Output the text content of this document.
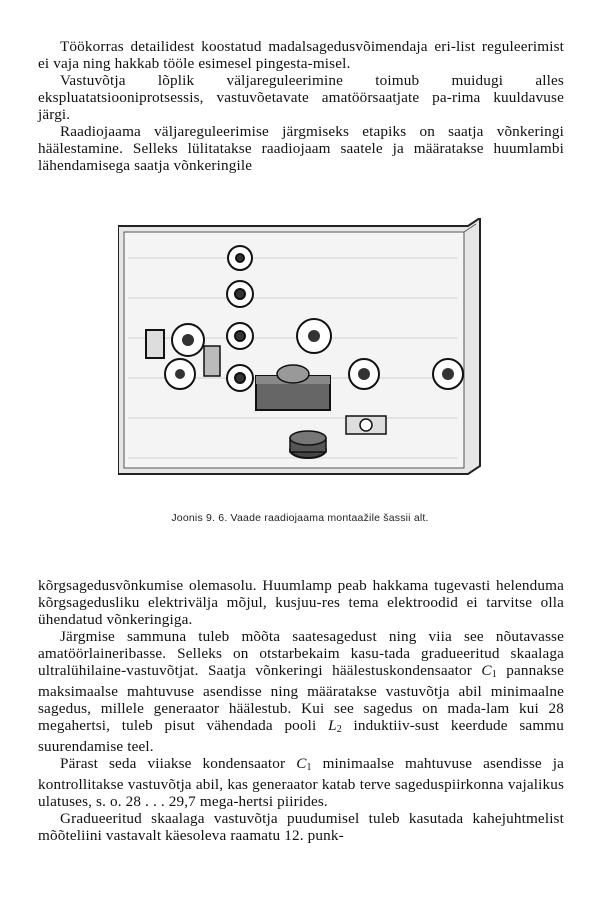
Töökorras detailidest koostatud madalsagedusvõimendaja eri-list reguleerimist ei vaja ning hakkab tööle esimesel pingesta-misel.

Vastuvõtja lõplik väljareguleerimine toimub muidugi alles ekspluatatsiooniprotsessis, vastuvõetavate amatöörsaatjate pa-rima kuuldavuse järgi.

Raadiojaama väljareguleerimise järgmiseks etapiks on saatja võnkeringi häälestamine. Selleks lülitatakse raadiojaam saatele ja määratakse huumlambi lähendamisega saatja võnkeringile

Joonis 9. 6. Vaade raadiojaama montaažile šassii alt.

kõrgsagedusvõnkumise olemasolu. Huumlamp peab hakkama tugevasti helenduma kõrgsagedusliku elektrivälja mõjul, kusjuu-res tema elektroodid ei tarvitse olla ühendatud võnkeringiga.

Järgmise sammuna tuleb mõõta saatesagedust ning viia see nõutavasse amatöörlaineribasse. Selleks on otstarbekaim kasu-tada gradueeritud skaalaga ultralühilaine-vastuvõtjat. Saatja võnkeringi häälestuskondensaator $C_1$ pannakse maksimaalse mahtuvuse asendisse ning määratakse vastuvõtja abil minimaalne sagedus, millele generaator häälestub. Kui see sagedus on mada-lam kui 28 megahertsi, tuleb pisut vähendada pooli $L_2$ induktiiv-sust keerdude sammu suurendamise teel.

Pärast seda viiakse kondensaator $C_1$ minimaalse mahtuvuse asendisse ja kontrollitakse vastuvõtja abil, kas generaator katab terve sageduspiirkonna vajalikus ulatuses, s. o. 28 . . . 29,7 mega-hertsi piirides.

Gradueeritud skaalaga vastuvõtja puudumisel tuleb kasutada kahejuhtmelist mõõteliini vastavalt käesoleva raamatu 12. punk-
